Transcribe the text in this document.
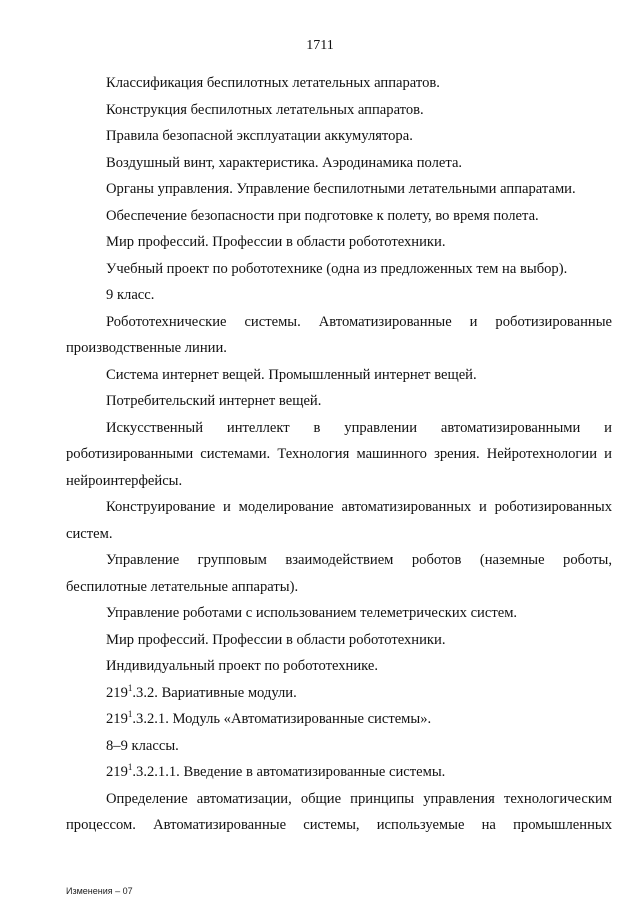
1711

Классификация беспилотных летательных аппаратов.

Конструкция беспилотных летательных аппаратов.

Правила безопасной эксплуатации аккумулятора.

Воздушный винт, характеристика. Аэродинамика полета.

Органы управления. Управление беспилотными летательными аппаратами.

Обеспечение безопасности при подготовке к полету, во время полета.

Мир профессий. Профессии в области робототехники.

Учебный проект по робототехнике (одна из предложенных тем на выбор).

9 класс.

Робототехнические системы. Автоматизированные и роботизированные производственные линии.

Система интернет вещей. Промышленный интернет вещей.

Потребительский интернет вещей.

Искусственный интеллект в управлении автоматизированными и роботизированными системами. Технология машинного зрения. Нейротехнологии и нейроинтерфейсы.

Конструирование и моделирование автоматизированных и роботизированных систем.

Управление групповым взаимодействием роботов (наземные роботы, беспилотные летательные аппараты).

Управление роботами с использованием телеметрических систем.

Мир профессий. Профессии в области робототехники.

Индивидуальный проект по робототехнике.

$219^1.3.2$. Вариативные модули.

$219^1.3.2.1$. Модуль «Автоматизированные системы».

8–9 классы.

$219^1.3.2.1.1$. Введение в автоматизированные системы.

Определение автоматизации, общие принципы управления технологическим процессом. Автоматизированные системы, используемые на промышленных

Изменения – 07
